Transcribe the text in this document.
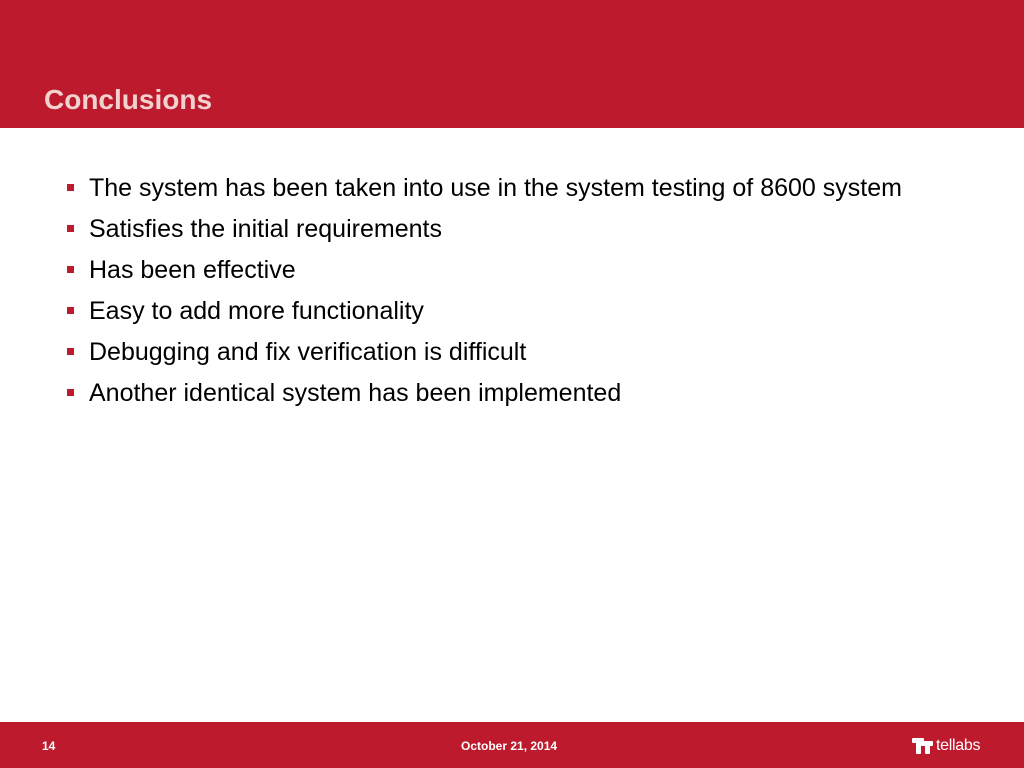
Conclusions
The system has been taken into use in the system testing of 8600 system
Satisfies the initial requirements
Has been effective
Easy to add more functionality
Debugging and fix verification is difficult
Another identical system has been implemented
14	October 21, 2014	tellabs
